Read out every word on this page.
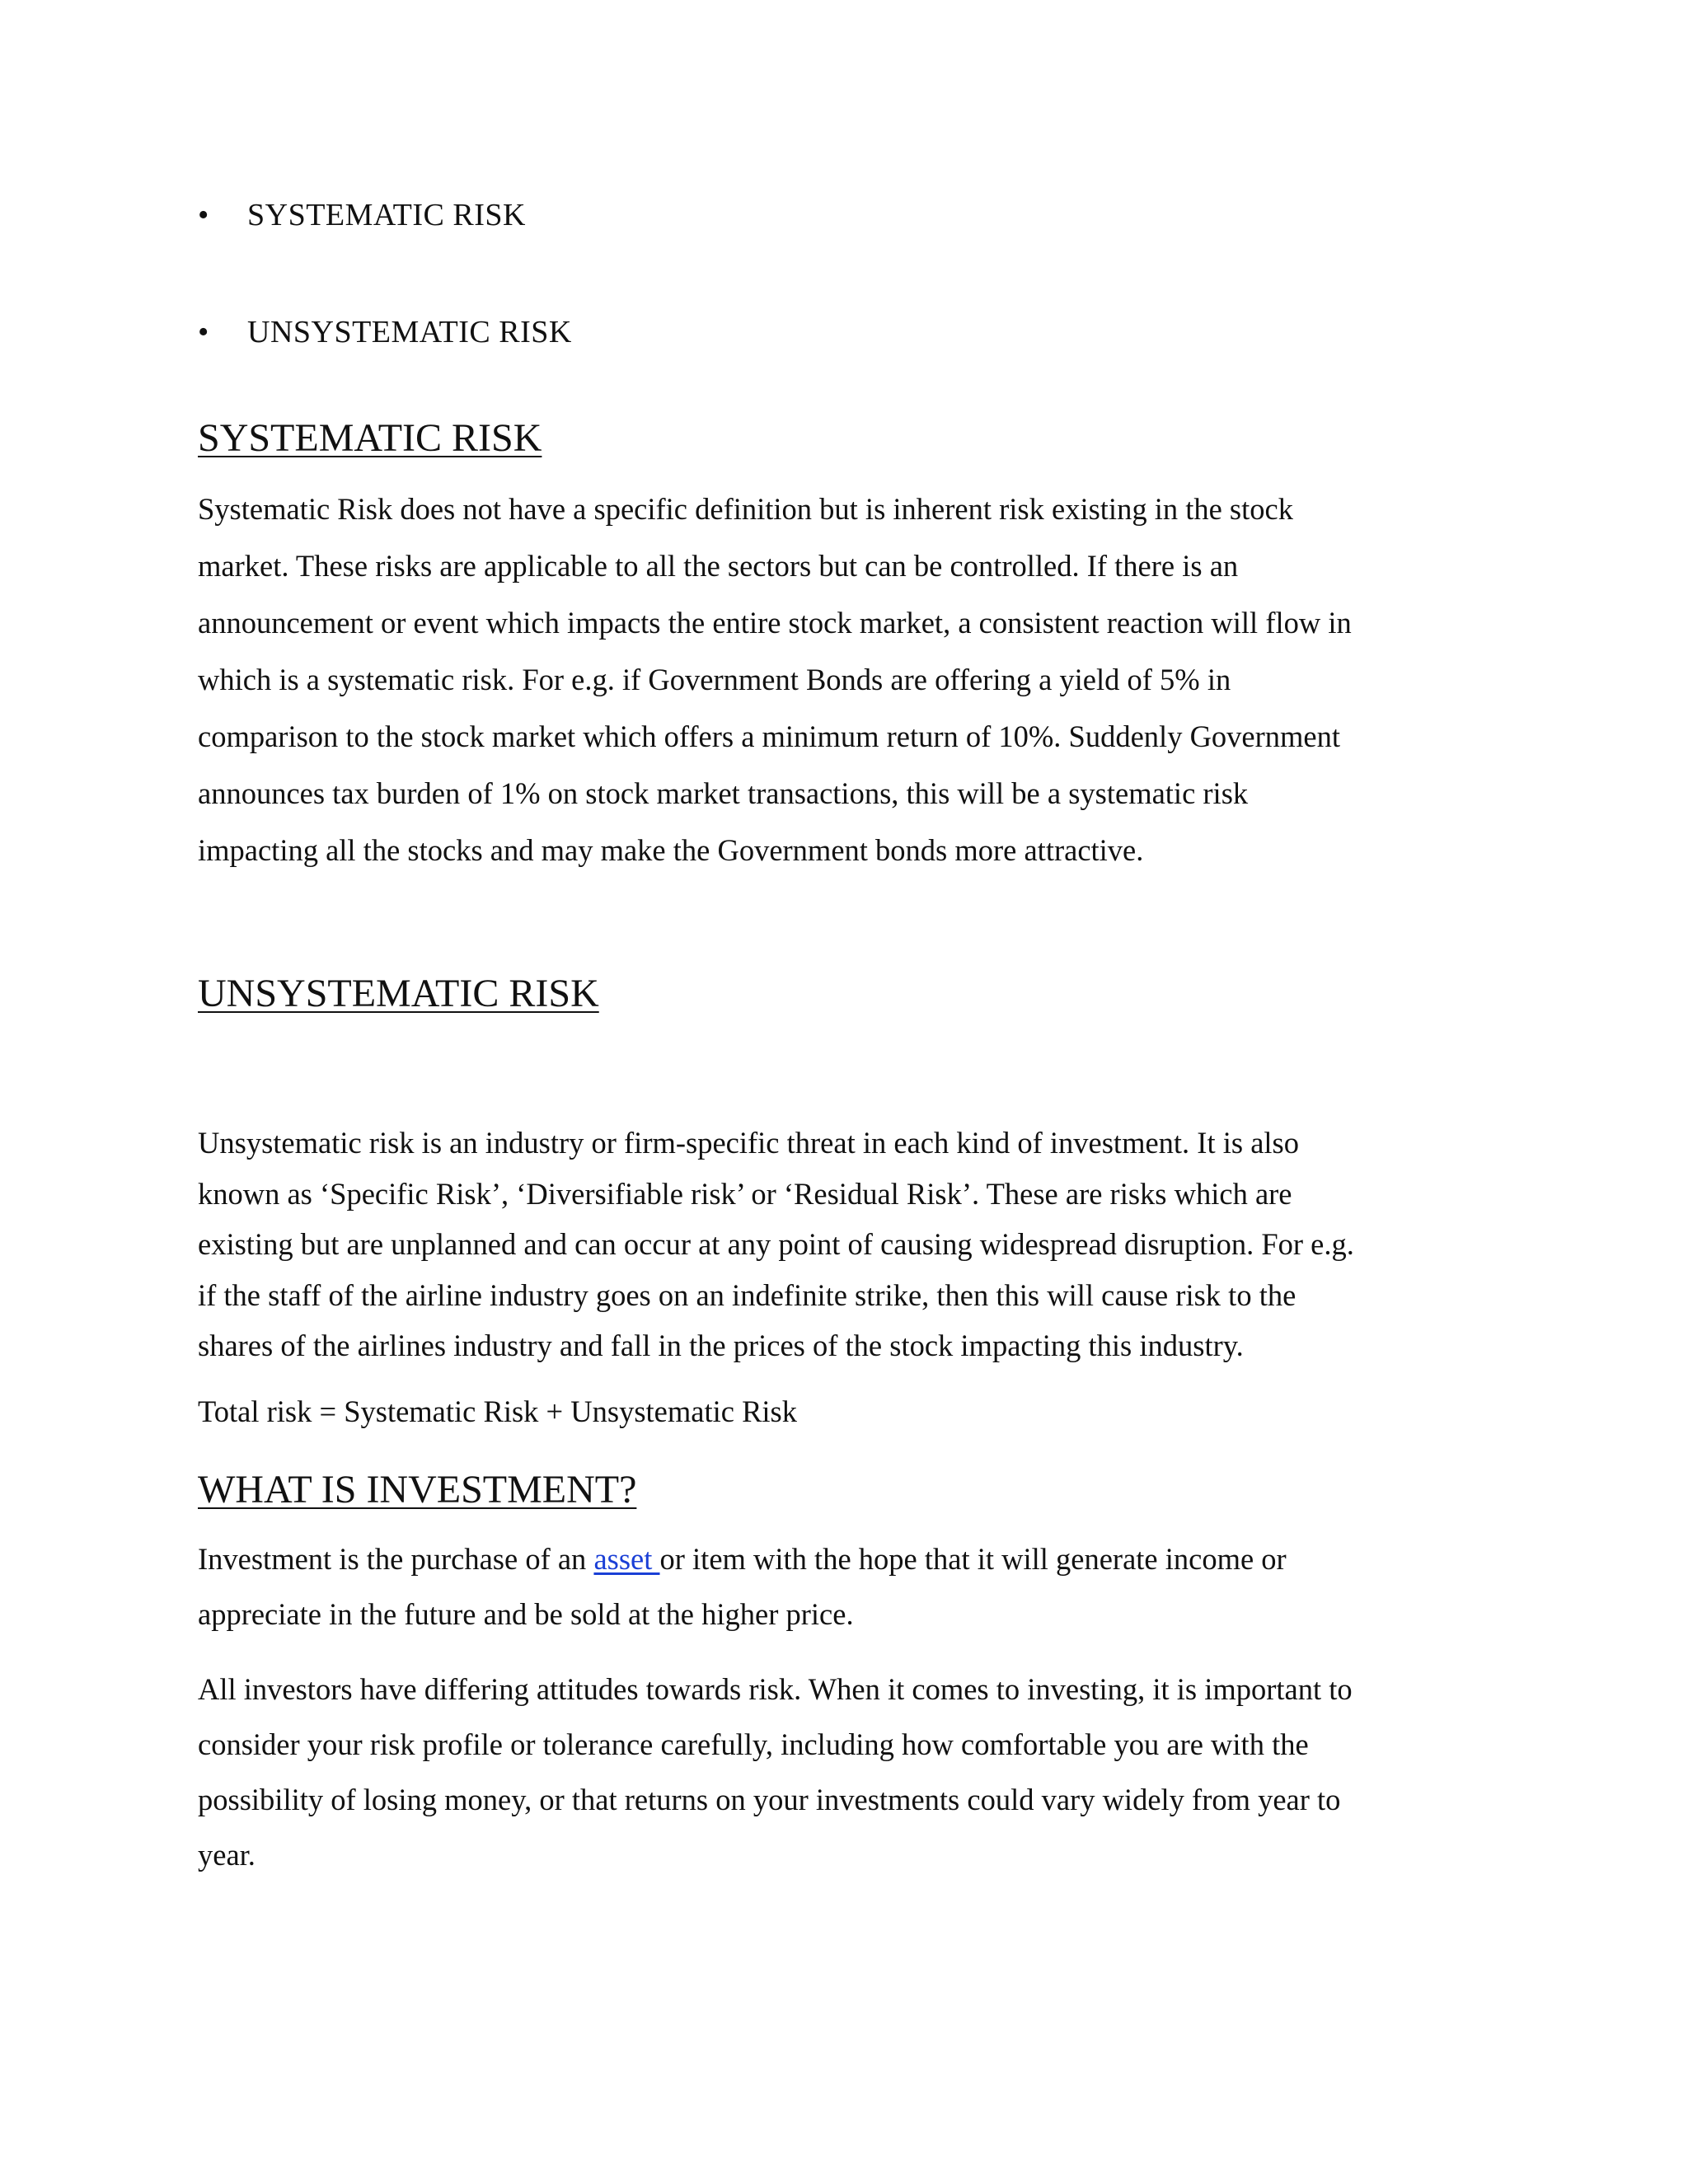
• SYSTEMATIC RISK
• UNSYSTEMATIC RISK
SYSTEMATIC RISK
Systematic Risk does not have a specific definition but is inherent risk existing in the stock
market. These risks are applicable to all the sectors but can be controlled. If there is an
announcement or event which impacts the entire stock market, a consistent reaction will flow in
which is a systematic risk. For e.g. if Government Bonds are offering a yield of 5% in
comparison to the stock market which offers a minimum return of 10%. Suddenly Government
announces tax burden of 1% on stock market transactions, this will be a systematic risk
impacting all the stocks and may make the Government bonds more attractive.
UNSYSTEMATIC RISK
Unsystematic risk is an industry or firm-specific threat in each kind of investment. It is also
known as ‘Specific Risk’, ‘Diversifiable risk’ or ‘Residual Risk’. These are risks which are
existing but are unplanned and can occur at any point of causing widespread disruption. For e.g.
if the staff of the airline industry goes on an indefinite strike, then this will cause risk to the
shares of the airlines industry and fall in the prices of the stock impacting this industry.
Total risk = Systematic Risk + Unsystematic Risk
WHAT IS INVESTMENT?
Investment is the purchase of an asset or item with the hope that it will generate income or
appreciate in the future and be sold at the higher price.
All investors have differing attitudes towards risk. When it comes to investing, it is important to
consider your risk profile or tolerance carefully, including how comfortable you are with the
possibility of losing money, or that returns on your investments could vary widely from year to
year.
